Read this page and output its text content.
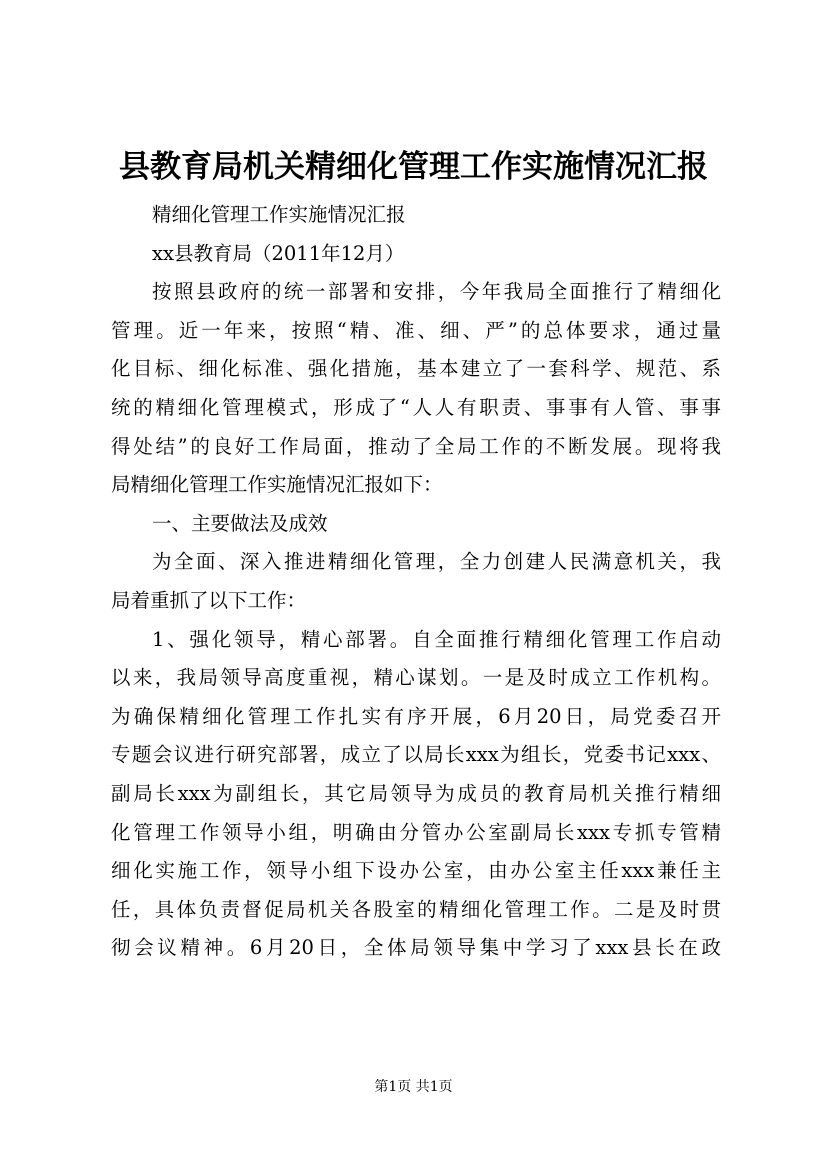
县教育局机关精细化管理工作实施情况汇报
精细化管理工作实施情况汇报
xx县教育局（2011年12月）
按照县政府的统一部署和安排，今年我局全面推行了精细化
管理。近一年来，按照“精、准、细、严”的总体要求，通过量
化目标、细化标准、强化措施，基本建立了一套科学、规范、系
统的精细化管理模式，形成了“人人有职责、事事有人管、事事
得处结”的良好工作局面，推动了全局工作的不断发展。现将我
局精细化管理工作实施情况汇报如下：
一、主要做法及成效
为全面、深入推进精细化管理，全力创建人民满意机关，我
局着重抓了以下工作：
1、强化领导，精心部署。自全面推行精细化管理工作启动
以来，我局领导高度重视，精心谋划。一是及时成立工作机构。
为确保精细化管理工作扎实有序开展，6月20日，局党委召开
专题会议进行研究部署，成立了以局长xxx为组长，党委书记xxx、
副局长xxx为副组长，其它局领导为成员的教育局机关推行精细
化管理工作领导小组，明确由分管办公室副局长xxx专抓专管精
细化实施工作，领导小组下设办公室，由办公室主任xxx兼任主
任，具体负责督促局机关各股室的精细化管理工作。二是及时贯
彻会议精神。6月20日，全体局领导集中学习了xxx县长在政
第1页 共1页
